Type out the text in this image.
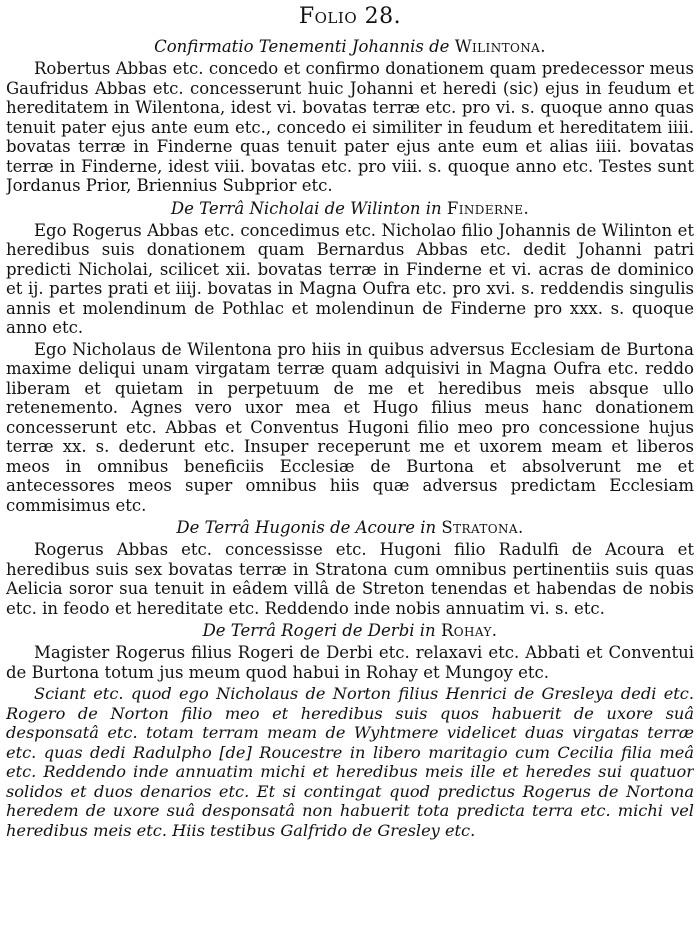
Folio 28.
Confirmatio Tenementi Johannis de Wilintona.

Robertus Abbas etc. concedo et confirmo donationem quam predecessor meus Gaufridus Abbas etc. concesserunt huic Johanni et heredi (sic) ejus in feudum et hereditatem in Wilentona, idest vi. bovatas terræ etc. pro vi. s. quoque anno quas tenuit pater ejus ante eum etc., concedo ei similiter in feudum et hereditatem iiii. bovatas terræ in Finderne quas tenuit pater ejus ante eum et alias iiii. bovatas terræ in Finderne, idest viii. bovatas etc. pro viii. s. quoque anno etc. Testes sunt Jordanus Prior, Briennius Subprior etc.

De Terrâ Nicholai de Wilinton in Finderne.

Ego Rogerus Abbas etc. concedimus etc. Nicholao filio Johannis de Wilinton et heredibus suis donationem quam Bernardus Abbas etc. dedit Johanni patri predicti Nicholai, scilicet xii. bovatas terræ in Finderne et vi. acras de dominico et ij. partes prati et iiij. bovatas in Magna Oufra etc. pro xvi. s. reddendis singulis annis et molendinum de Pothlac et molendinun de Finderne pro xxx. s. quoque anno etc.

Ego Nicholaus de Wilentona pro hiis in quibus adversus Ecclesiam de Burtona maxime deliqui unam virgatam terræ quam adquisivi in Magna Oufra etc. reddo liberam et quietam in perpetuum de me et heredibus meis absque ullo retenemento. Agnes vero uxor mea et Hugo filius meus hanc donationem concesserunt etc. Abbas et Conventus Hugoni filio meo pro concessione hujus terræ xx. s. dederunt etc. Insuper receperunt me et uxorem meam et liberos meos in omnibus beneficiis Ecclesiæ de Burtona et absolverunt me et antecessores meos super omnibus hiis quæ adversus predictam Ecclesiam commisimus etc.

De Terrâ Hugonis de Acoure in Stratona.

Rogerus Abbas etc. concessisse etc. Hugoni filio Radulfi de Acoura et heredibus suis sex bovatas terræ in Stratona cum omnibus pertinentiis suis quas Aelicia soror sua tenuit in eâdem villâ de Streton tenendas et habendas de nobis etc. in feodo et hereditate etc. Reddendo inde nobis annuatim vi. s. etc.

De Terrâ Rogeri de Derbi in Rohay.

Magister Rogerus filius Rogeri de Derbi etc. relaxavi etc. Abbati et Conventui de Burtona totum jus meum quod habui in Rohay et Mungoy etc.

Sciant etc. quod ego Nicholaus de Norton filius Henrici de Gresleya dedi etc. Rogero de Norton filio meo et heredibus suis quos habuerit de uxore suâ desponsatâ etc. totam terram meam de Wyhtmere videlicet duas virgatas terræ etc. quas dedi Radulpho [de] Roucestre in libero maritagio cum Cecilia filia meâ etc. Reddendo inde annuatim michi et heredibus meis ille et heredes sui quatuor solidos et duos denarios etc. Et si contingat quod predictus Rogerus de Nortona heredem de uxore suâ desponsatâ non habuerit tota predicta terra etc. michi vel heredibus meis etc. Hiis testibus Galfrido de Gresley etc.
